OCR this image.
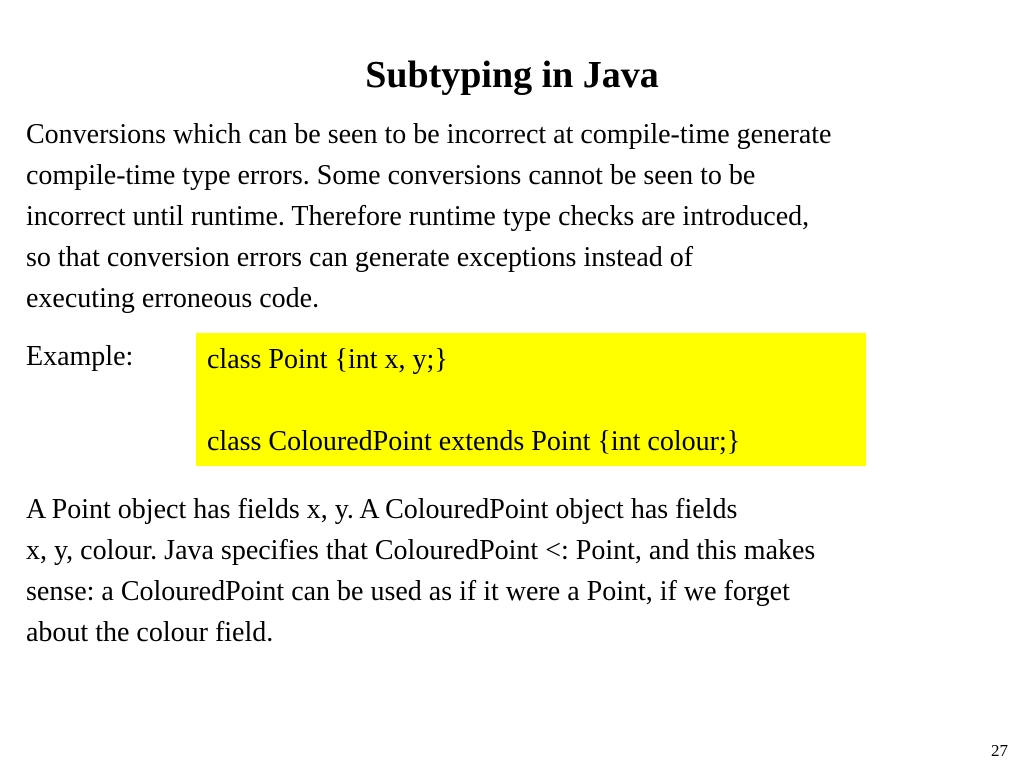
Subtyping in Java
Conversions which can be seen to be incorrect at compile-time generate
compile-time type errors. Some conversions cannot be seen to be
incorrect until runtime. Therefore runtime type checks are introduced,
so that conversion errors can generate exceptions instead of
executing erroneous code.
Example:	class Point {int x, y;}
class ColouredPoint extends Point {int colour;}
A Point object has fields x, y. A ColouredPoint object has fields
x, y, colour. Java specifies that ColouredPoint <: Point, and this makes
sense: a ColouredPoint can be used as if it were a Point, if we forget
about the colour field.
27
